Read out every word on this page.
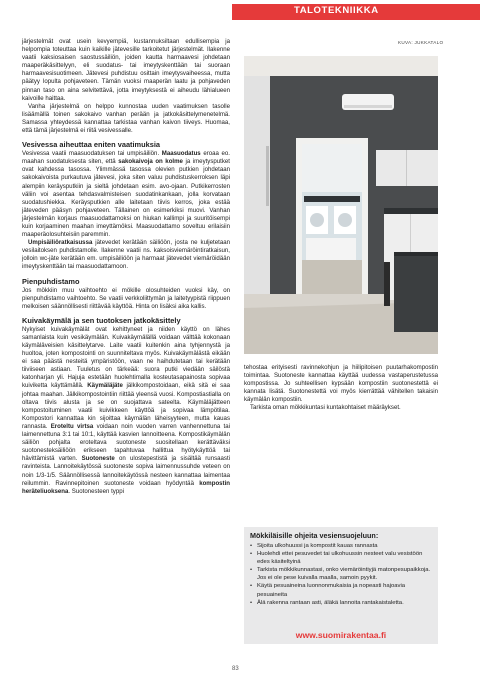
TALOTEKNIIKKA
KUVA: JUKKATALO

järjestelmät ovat usein kevyempiä, kustannuksiltaan edullisempia ja helpompia toteuttaa kuin kaikille jätevesille tarkoitetut järjestelmät. Ilakenne vaatii kaksiosaisen saostussäiliön, joiden kautta harmaavesi johdetaan maaperäkäsittelyyn, eli suodatus- tai imeytyskenttään tai suoraan harmaavesisuotimeen. Jätevesi puhdistuu osittain imeytysvaiheessa, mutta päätyy lopulta pohjaveteen. Tämän vuoksi maaperän laatu ja pohjaveden pinnan taso on aina selvitettävä, jotta imeytyksestä ei aiheudu lähialueen kaivoille haittaa.

Vanha järjestelmä on helppo kunnostaa uuden vaatimuksen tasolle lisäämällä toinen sakokaivo vanhan perään ja jatkokäsittelymenetelmä. Samassa yhteydessä kannattaa tarkistaa vanhan kaivon tiiveys. Huomaa, että tämä järjestelmä ei riitä vesivessalle.

Vesivessa aiheuttaa eniten vaatimuksia

Vesivessa vaatii maasuodatuksen tai umpisäiliön. Maasuodatus eroaa eo. maahan suodatuksesta siten, että sakokaivoja on kolme ja imeytysputket ovat kahdessa tasossa. Ylimmässä tasossa olevien putkien johdetaan sakokaivoista purkautuva jätevesi, joka siten valuu puhdistuskerroksen läpi alempiin keräysputkiin ja sieltä johdetaan esim. avo-ojaan. Putkikerrosten väliin voi asentaa tehdasvalmisteisen suodatinkankaan, jolla korvataan suodatushiekka. Keräysputkien alle laitetaan tiivis kerros, joka estää jäteveden pääsyn pohjaveteen. Tällainen on esimerkiksi muovi. Vanhan järjestelmän korjaus maasuodattamoksi on hiukan kallimpi ja suuritöisempi kuin korjaaminen maahan imeyttämöksi. Maasuodattamo soveltuu erilaisiin maaperäolosuhteisiin paremmin.

Umpisäiliöratkaisussa jätevedet kerätään säiliöön, josta ne kuljetetaan vesilaitoksen puhdistamolle. Ilakenne vaatii ns. kaksoisviemäröintiratkaisun, jolloin wc-jäte kerätään em. umpisäiliöön ja harmaat jätevedet viemäröidään imeytyskenttään tai maasuodattamoon.

Pienpuhdistamo

Jos mökkiin muu vaihtoehto ei mökille olosuhteiden vuoksi käy, on pienpuhdistamo vaihtoehto. Se vaatii verkkoliittymän ja laitetyypistä riippuen melkoisen säännöllisesti riittävää käyttöä. Hinta on lisäksi aika kallis.

Kuivakäymälä ja sen tuotoksen jatkokäsittely

Nykyiset kuivakäymälät ovat kehittyneet ja niiden käyttö on lähes samanlaista kuin vesikäymälän. Kuivakäymälällä voidaan välttää kokonaan käymäläveisien käsittelytarve. Laite vaatii kuitenkin aina tyhjennystä ja huoltoa, joten kompostointi on suunniteltava myös. Kuivakäymälästä eikään ei saa päästä nesteitä ympäristöön, vaan ne haihdutetaan tai kerätään tiiviiseen astiaan. Tuuletus on tärkeää: suora putki viedään säilöstä katonharjan yli. Hajuja estetään huolehtimalla kosteutasapainosta sopivaa kuiviketta käyttämällä. Käymäläjäte jälkikompostoidaan, eikä sitä ei saa johtaa maahan. Jälkikompostointiin riittää yleensä vuosi. Kompostiastialla on oltava tiivis alusta ja se on suojattava sateelta. Käymäläjätteen kompostoituminen vaatii kuivikkeen käyttöä ja sopivaa lämpötilaa. Kompostori kannattaa kin sijoittaa käymälän läheisyyteen, mutta kauas rannasta. Eroteltu virtsa voidaan noin vuoden varren vanhennettuna tai laimennettuna 3:1 tai 10:1, käyttää kasvien lannoitteena. Kompostikäymälän säiliön pohjalta eroteltava suotoneste suositellaan kerättäväksi suotonesteksäiliöön erikseen tapahtuvaa hallittua hyötykäyttöä tai hävittämistä varten. Suotoneste on ulostepestistä ja sisältää runsaasti ravinteista. Lannoitekäytössä suotoneste sopiva laimennussuhde veteen on noin 1/3-1/5. Säännöllisessä lannoitekäytössä nesteen kannattaa laimentaa reilummin. Ravinnepitoinen suotoneste voidaan hyödyntää kompostin heräteliuoksena. Suotonesteen typpi

tehostaa erityisesti ravinnekohjun ja hiilipitoisen puutarhakompostin toimintaa. Suotoneste kannattaa käyttää uudessa vastaperustetussa kompostissa. Jo suhteellisen kypsään kompostiin suotonestettä ei kannata lisätä. Suotonestettä voi myös kierrättää vähitellen takaisin käymälän kompostiin.

Tarkista oman mökkikuntasi kuntakohtaiset määräykset.

Mökkiläisille ohjeita vesiensuojeluun:
• Sijoita ulkohuussi ja kompostit kauas rannasta
• Huolehdi ettei pesuvedet tai ulkohuussin nesteet valu vesistöön edes käsiteltyinä
• Tarkista mökkikunnastasi, onko viemäröintiyjä matonpesupaikkoja. Jos ei ole pese kuivalla maalla, samoin pyykit.
• Käytä pesuaineina luonnonmukaisia ja nopeasti hajoavia pesuaineita
• Älä rakenna rantaan asti, äläkä lannoita rantakaistaletta.
www.suomirakentaa.fi
83
